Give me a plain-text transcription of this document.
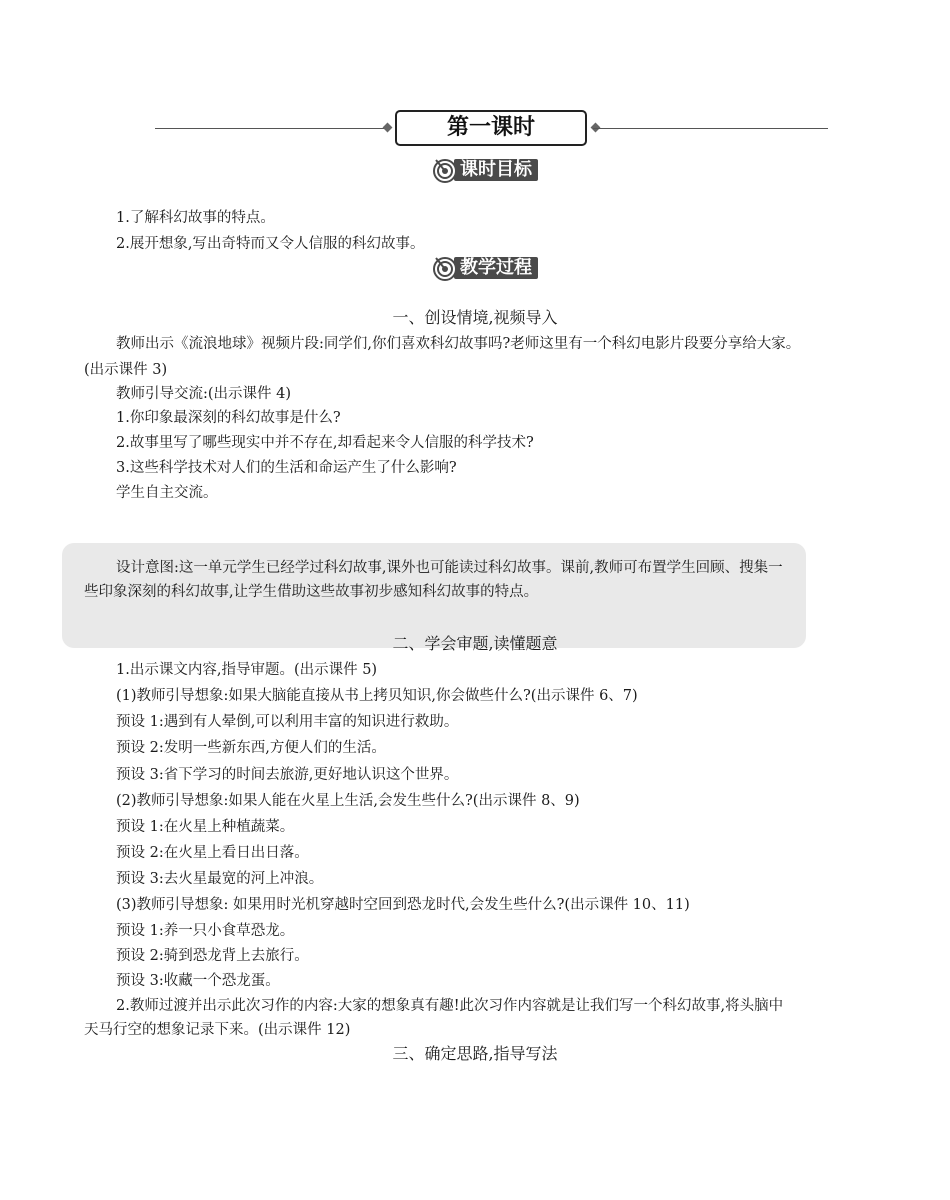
第一课时
课时目标
1.了解科幻故事的特点。
2.展开想象,写出奇特而又令人信服的科幻故事。
教学过程
一、创设情境,视频导入
教师出示《流浪地球》视频片段:同学们,你们喜欢科幻故事吗?老师这里有一个科幻电影片段要分享给大家。
(出示课件 3)
教师引导交流:(出示课件 4)
1.你印象最深刻的科幻故事是什么?
2.故事里写了哪些现实中并不存在,却看起来令人信服的科学技术?
3.这些科学技术对人们的生活和命运产生了什么影响?
学生自主交流。
设计意图:这一单元学生已经学过科幻故事,课外也可能读过科幻故事。课前,教师可布置学生回顾、搜集一
些印象深刻的科幻故事,让学生借助这些故事初步感知科幻故事的特点。
二、学会审题,读懂题意
1.出示课文内容,指导审题。(出示课件 5)
(1)教师引导想象:如果大脑能直接从书上拷贝知识,你会做些什么?(出示课件 6、7)
预设 1:遇到有人晕倒,可以利用丰富的知识进行救助。
预设 2:发明一些新东西,方便人们的生活。
预设 3:省下学习的时间去旅游,更好地认识这个世界。
(2)教师引导想象:如果人能在火星上生活,会发生些什么?(出示课件 8、9)
预设 1:在火星上种植蔬菜。
预设 2:在火星上看日出日落。
预设 3:去火星最宽的河上冲浪。
(3)教师引导想象: 如果用时光机穿越时空回到恐龙时代,会发生些什么?(出示课件 10、11)
预设 1:养一只小食草恐龙。
预设 2:骑到恐龙背上去旅行。
预设 3:收藏一个恐龙蛋。
2.教师过渡并出示此次习作的内容:大家的想象真有趣!此次习作内容就是让我们写一个科幻故事,将头脑中
天马行空的想象记录下来。(出示课件 12)
三、确定思路,指导写法
